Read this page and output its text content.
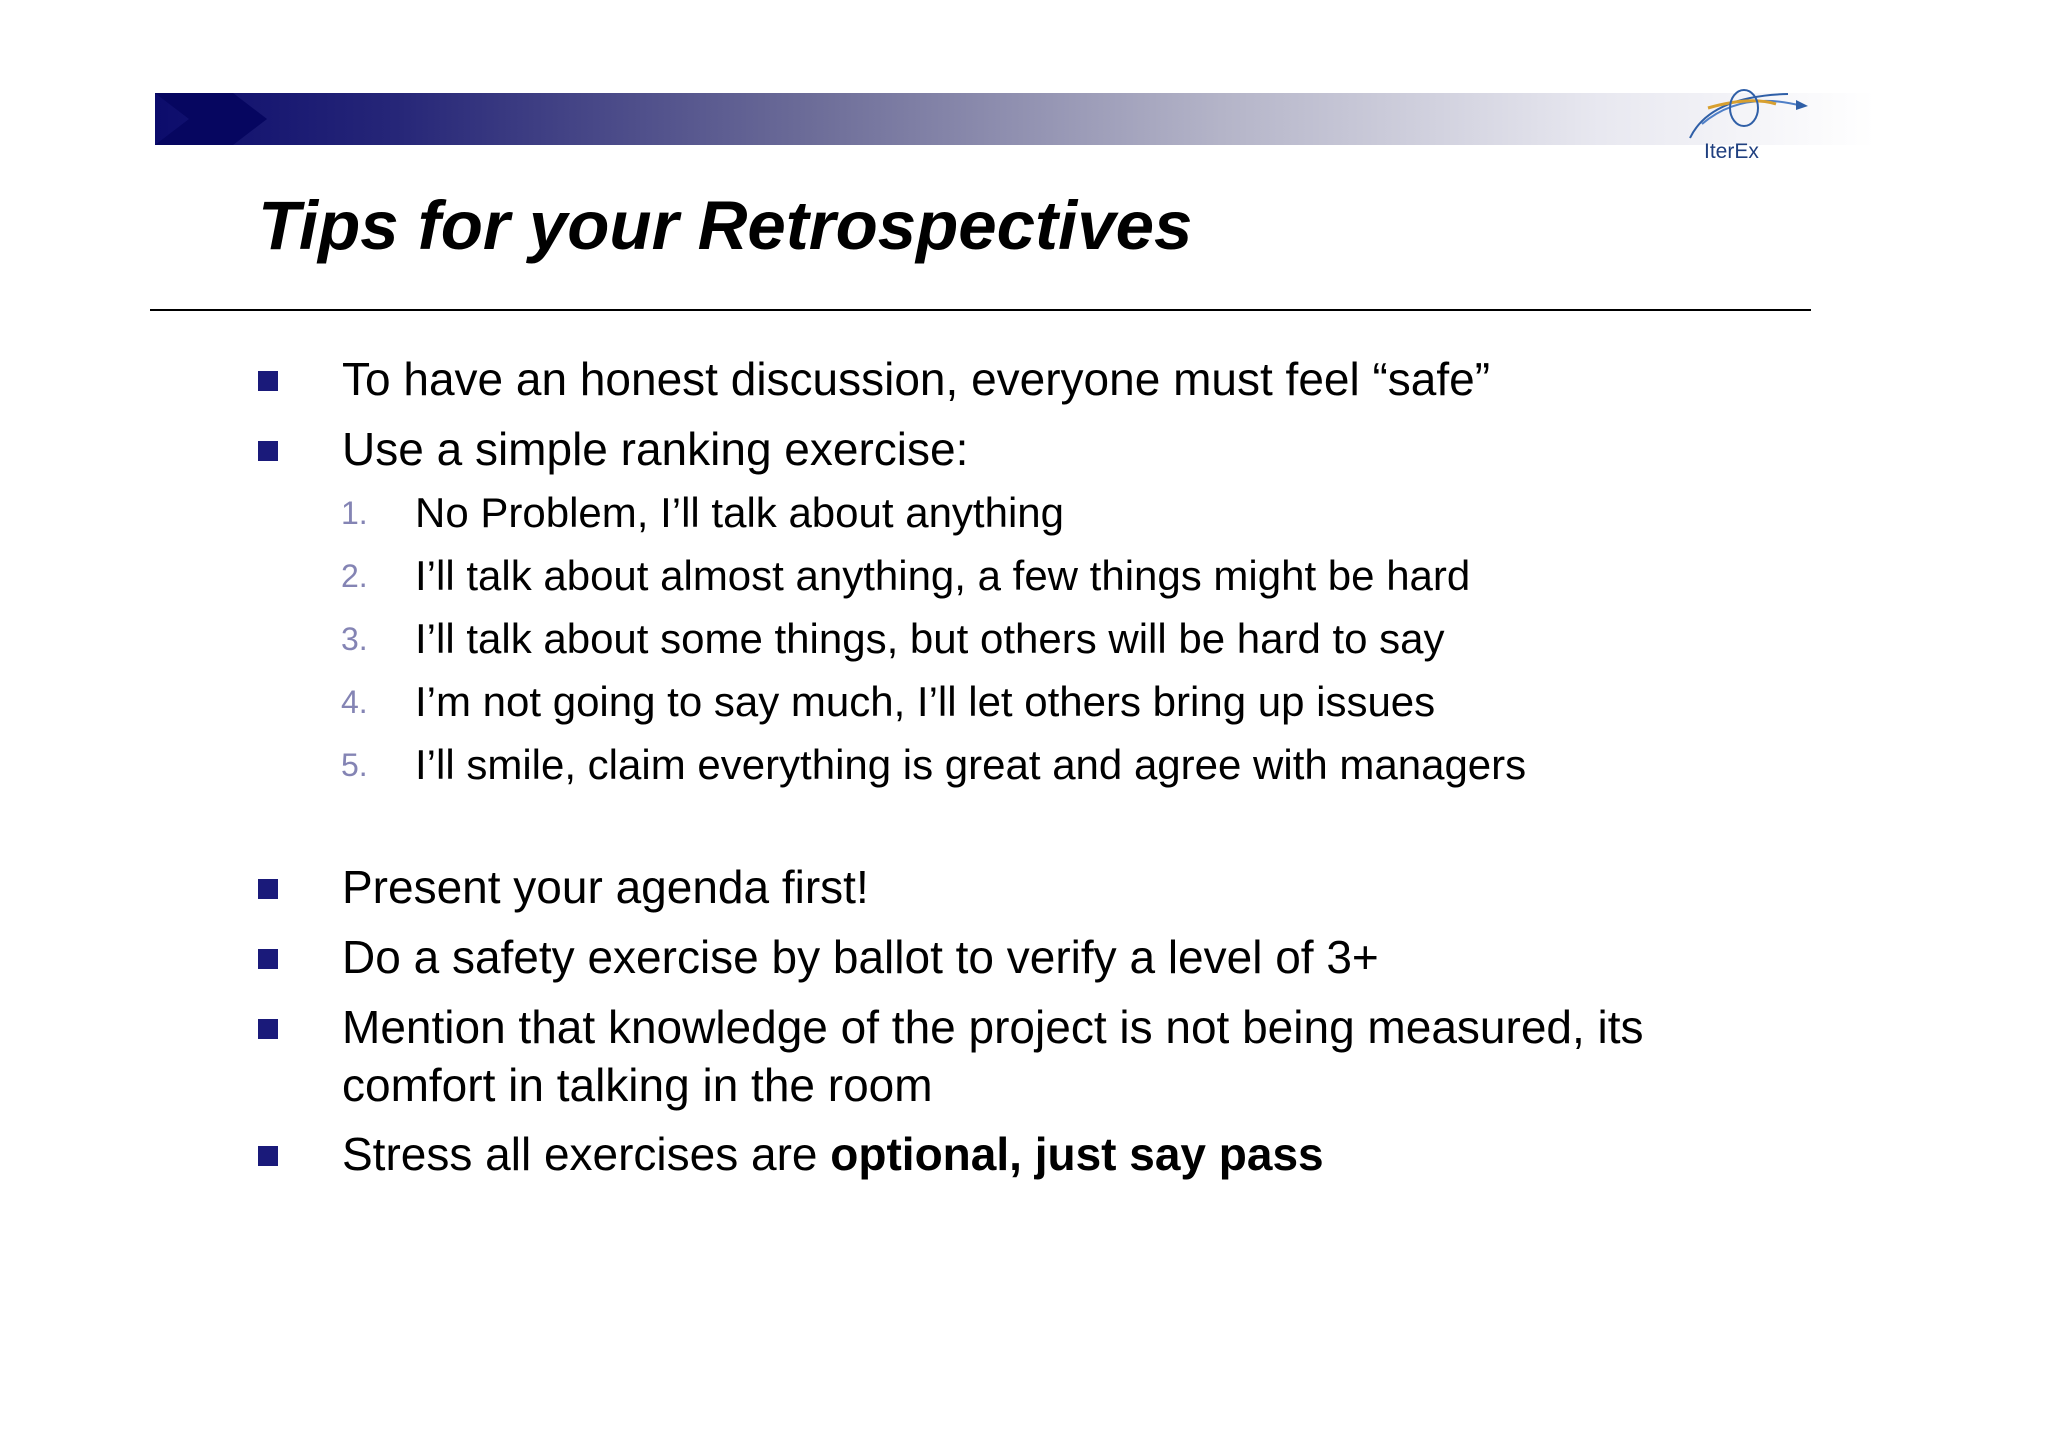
IterEx
Tips for your Retrospectives
To have an honest discussion, everyone must feel “safe”
Use a simple ranking exercise:
1. No Problem, I’ll talk about anything
2. I’ll talk about almost anything, a few things might be hard
3. I’ll talk about some things, but others will be hard to say
4. I’m not going to say much, I’ll let others bring up issues
5. I’ll smile, claim everything is great and agree with managers
Present your agenda first!
Do a safety exercise by ballot to verify a level of 3+
Mention that knowledge of the project is not being measured, its
comfort in talking in the room
Stress all exercises are optional, just say pass
